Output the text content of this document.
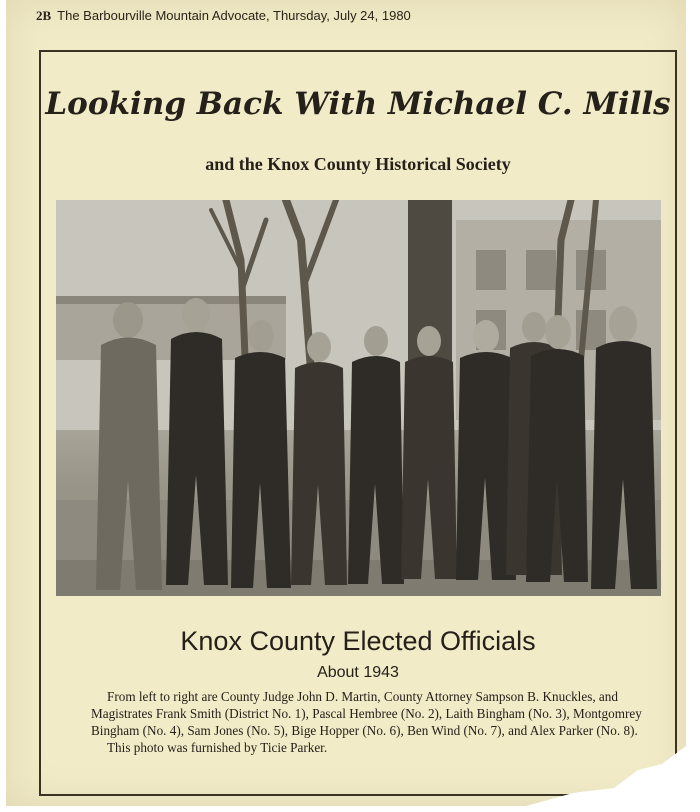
2B The Barbourville Mountain Advocate, Thursday, July 24, 1980
Looking Back With Michael C. Mills
and the Knox County Historical Society
Knox County Elected Officials
About 1943

From left to right are County Judge John D. Martin, County Attorney Sampson B. Knuckles, and Magistrates Frank Smith (District No. 1), Pascal Hembree (No. 2), Laith Bingham (No. 3), Montgomrey Bingham (No. 4), Sam Jones (No. 5), Bige Hopper (No. 6), Ben Wind (No. 7), and Alex Parker (No. 8).

This photo was furnished by Ticie Parker.
